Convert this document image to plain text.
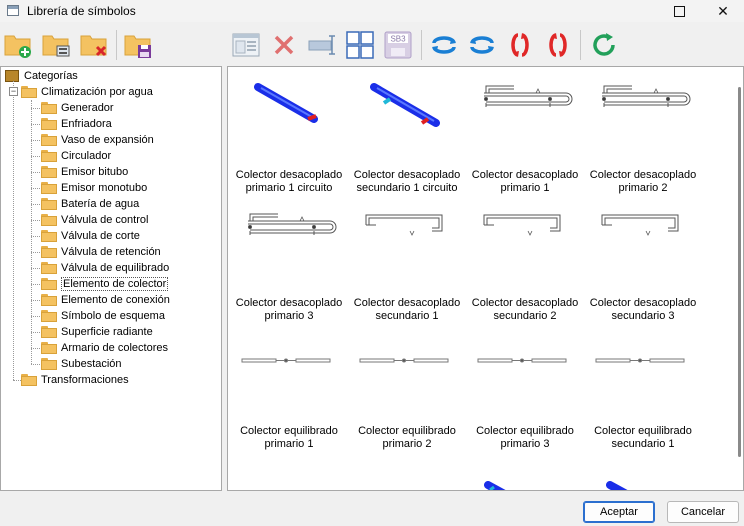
Librería de símbolos	✕
SB3
Categorías
− Climatización por agua
Generador
Enfriadora
Vaso de expansión
Circulador
Emisor bitubo
Emisor monotubo
Batería de agua
Válvula de control
Válvula de corte
Válvula de retención
Válvula de equilibrado
Elemento de colector
Elemento de conexión
Símbolo de esquema
Superficie radiante
Armario de colectores
Subestación
Transformaciones
Colector desacoplado
primario 1 circuito
Colector desacoplado
secundario 1 circuito
Colector desacoplado
primario 1
Colector desacoplado
primario 2
Colector desacoplado
primario 3
Colector desacoplado
secundario 1
Colector desacoplado
secundario 2
Colector desacoplado
secundario 3
Colector equilibrado
primario 1
Colector equilibrado
primario 2
Colector equilibrado
primario 3
Colector equilibrado
secundario 1
Aceptar	Cancelar
